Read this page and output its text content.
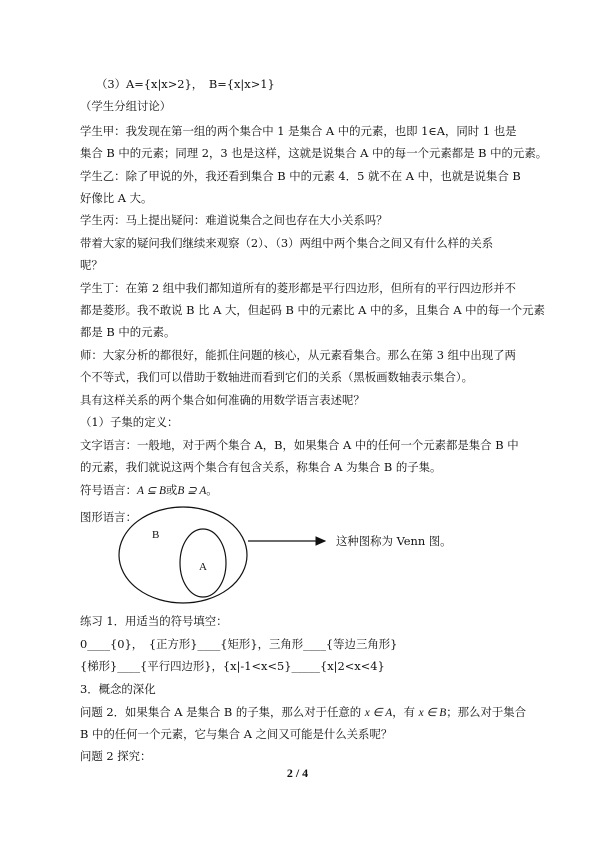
（3）A={x|x>2}，　B={x|x>1}
（学生分组讨论）
学生甲：我发现在第一组的两个集合中 1 是集合 A 中的元素，也即 1∈A，同时 1 也是
集合 B 中的元素；同理 2，3 也是这样，这就是说集合 A 中的每一个元素都是 B 中的元素。
学生乙：除了甲说的外，我还看到集合 B 中的元素 4．5 就不在 A 中，也就是说集合 B
好像比 A 大。
学生丙：马上提出疑问：难道说集合之间也存在大小关系吗？
带着大家的疑问我们继续来观察（2）、（3）两组中两个集合之间又有什么样的关系
呢？
学生丁：在第 2 组中我们都知道所有的菱形都是平行四边形，但所有的平行四边形并不
都是菱形。我不敢说 B 比 A 大，但起码 B 中的元素比 A 中的多，且集合 A 中的每一个元素
都是 B 中的元素。
师：大家分析的都很好，能抓住问题的核心，从元素看集合。那么在第 3 组中出现了两
个不等式，我们可以借助于数轴进而看到它们的关系（黑板画数轴表示集合）。
具有这样关系的两个集合如何准确的用数学语言表述呢？
（1）子集的定义：
文字语言：一般地，对于两个集合 A，B，如果集合 A 中的任何一个元素都是集合 B 中
的元素，我们就说这两个集合有包含关系，称集合 A 为集合 B 的子集。
符号语言：A ⊆ B或B ⊇ A。
图形语言：
B
A
这种图称为 Venn 图。
练习 1．用适当的符号填空：
0____{0}，　{正方形}____{矩形}，三角形____{等边三角形}
{梯形}____{平行四边形}，{x|-1<x<5}_____{x|2<x<4}
3．概念的深化
问题 2．如果集合 A 是集合 B 的子集，那么对于任意的 x ∈ A，有 x ∈ B；那么对于集合
B 中的任何一个元素，它与集合 A 之间又可能是什么关系呢？
问题 2 探究：
2 / 4
